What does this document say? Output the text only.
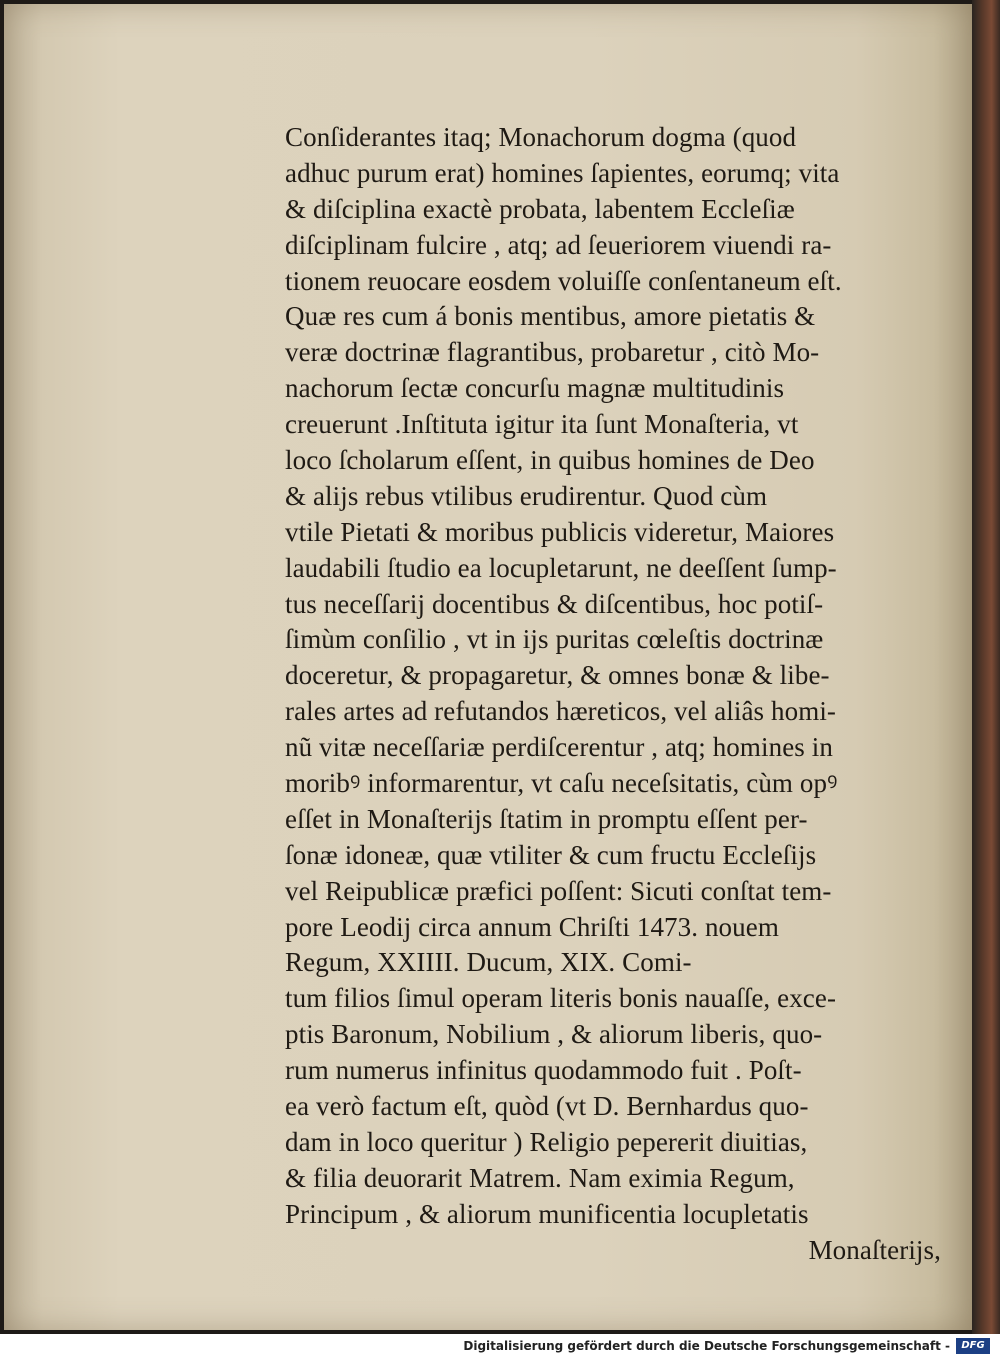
Conſiderantes itaq; Monachorum dogma (quod
adhuc purum erat) homines ſapientes, eorumq; vita
& diſciplina exactè probata, labentem Eccleſiæ
diſciplinam fulcire , atq; ad ſeueriorem viuendi ra-
tionem reuocare eosdem voluiſſe conſentaneum eſt.
Quæ res cum á bonis mentibus, amore pietatis &
veræ doctrinæ flagrantibus, probaretur , citò Mo-
nachorum ſectæ concurſu magnæ multitudinis
creuerunt .Inſtituta igitur ita ſunt Monaſteria, vt
loco ſcholarum eſſent, in quibus homines de Deo
& alijs rebus vtilibus erudirentur. Quod cùm
vtile Pietati & moribus publicis videretur, Maiores
laudabili ſtudio ea locupletarunt, ne deeſſent ſump-
tus neceſſarij docentibus & diſcentibus, hoc potiſ-
ſimùm conſilio , vt in ijs puritas cœleſtis doctrinæ
doceretur, & propagaretur, & omnes bonæ & libe-
rales artes ad refutandos hæreticos, vel aliâs homi-
nũ vitæ neceſſariæ perdiſcerentur , atq; homines in
moribꝰ informarentur, vt caſu neceſsitatis, cùm opꝰ
eſſet in Monaſterijs ſtatim in promptu eſſent per-
ſonæ idoneæ, quæ vtiliter & cum fructu Eccleſijs
vel Reipublicæ præfici poſſent: Sicuti conſtat tem-
pore Leodij circa annum Chriſti 1473. nouem
Regum, XXIIII. Ducum, XIX. Comi-
tum filios ſimul operam literis bonis nauaſſe, exce-
ptis Baronum, Nobilium , & aliorum liberis, quo-
rum numerus infinitus quodammodo fuit . Poſt-
ea verò factum eſt, quòd (vt D. Bernhardus quo-
dam in loco queritur ) Religio pepererit diuitias,
& filia deuorarit Matrem. Nam eximia Regum,
Principum , & aliorum munificentia locupletatis
Monaſterijs,
Digitalisierung gefördert durch die Deutsche Forschungsgemeinschaft -	DFG
